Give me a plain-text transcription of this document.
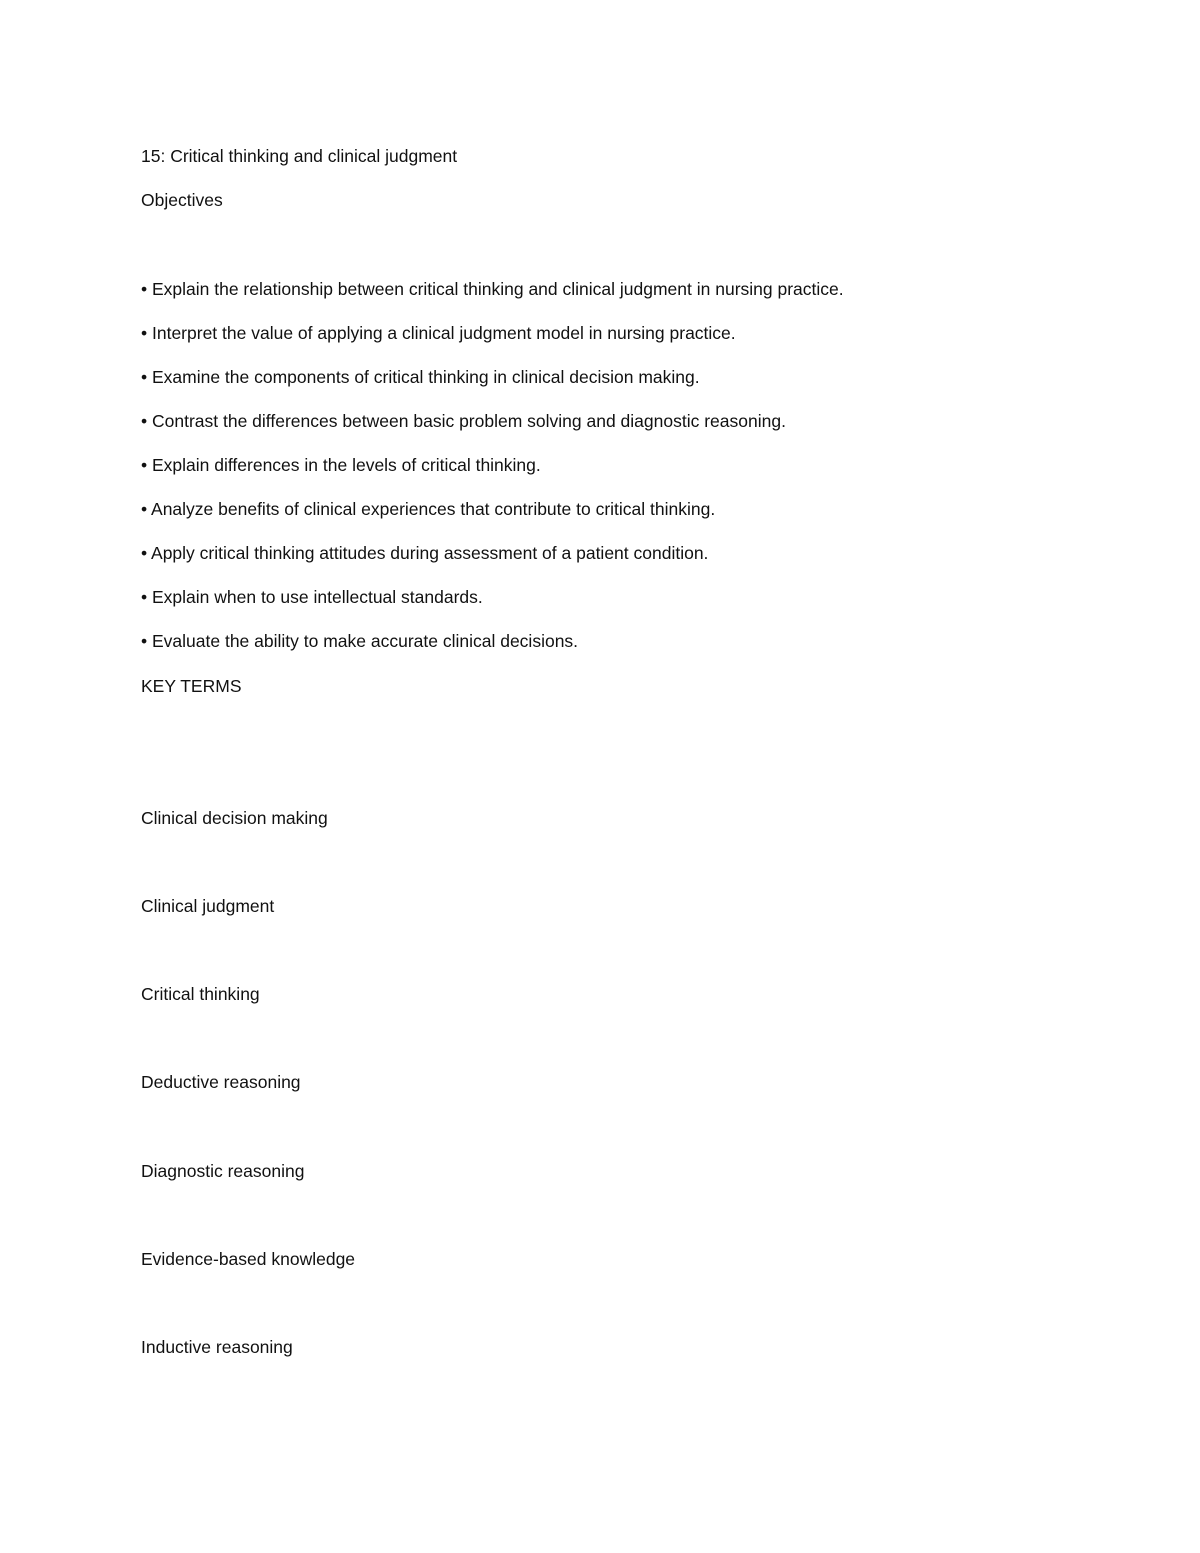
15: Critical thinking and clinical judgment
Objectives
• Explain the relationship between critical thinking and clinical judgment in nursing practice.
• Interpret the value of applying a clinical judgment model in nursing practice.
• Examine the components of critical thinking in clinical decision making.
• Contrast the differences between basic problem solving and diagnostic reasoning.
• Explain differences in the levels of critical thinking.
• Analyze benefits of clinical experiences that contribute to critical thinking.
• Apply critical thinking attitudes during assessment of a patient condition.
• Explain when to use intellectual standards.
• Evaluate the ability to make accurate clinical decisions.
KEY TERMS
Clinical decision making
Clinical judgment
Critical thinking
Deductive reasoning
Diagnostic reasoning
Evidence-based knowledge
Inductive reasoning
